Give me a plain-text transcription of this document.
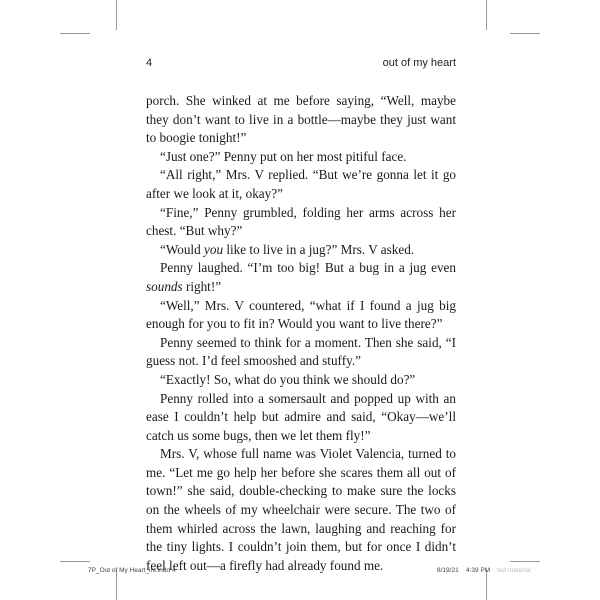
4	out of my heart

porch. She winked at me before saying, “Well, maybe they don’t want to live in a bottle—maybe they just want to boogie tonight!”

“Just one?” Penny put on her most pitiful face.

“All right,” Mrs. V replied. “But we’re gonna let it go after we look at it, okay?”

“Fine,” Penny grumbled, folding her arms across her chest. “But why?”

“Would you like to live in a jug?” Mrs. V asked.

Penny laughed. “I’m too big! But a bug in a jug even sounds right!”

“Well,” Mrs. V countered, “what if I found a jug big enough for you to fit in? Would you want to live there?”

Penny seemed to think for a moment. Then she said, “I guess not. I’d feel smooshed and stuffy.”

“Exactly! So, what do you think we should do?”

Penny rolled into a somersault and popped up with an ease I couldn’t help but admire and said, “Okay—we’ll catch us some bugs, then we let them fly!”

Mrs. V, whose full name was Violet Valencia, turned to me. “Let me go help her before she scares them all out of town!” she said, double-checking to make sure the locks on the wheels of my wheelchair were secure. The two of them whirled across the lawn, laughing and reaching for the tiny lights. I couldn’t join them, but for once I didn’t feel left out—a firefly had already found me.

7P_Out of My Heart_int.indd 4	8/19/21 4:39 PM ted material
